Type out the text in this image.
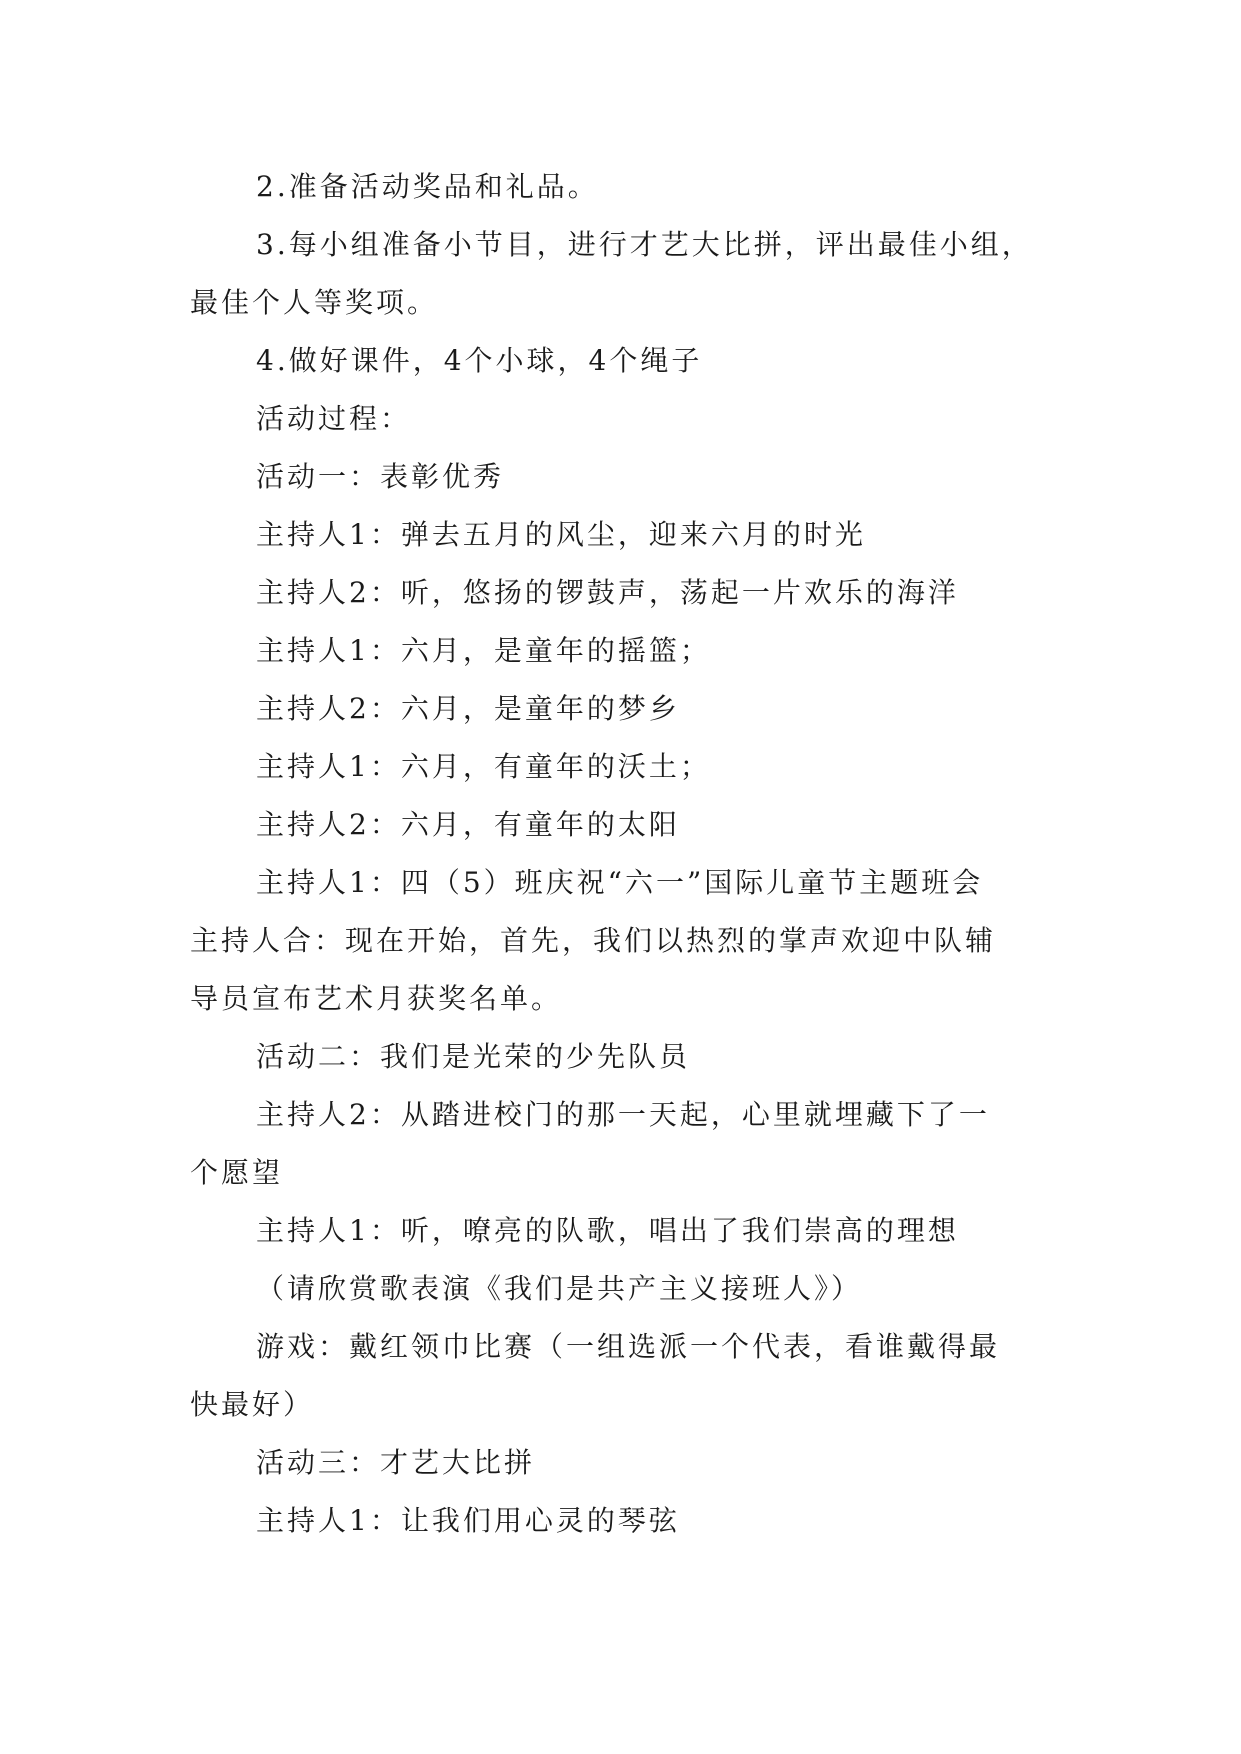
2.准备活动奖品和礼品。
3.每小组准备小节目，进行才艺大比拼，评出最佳小组，
最佳个人等奖项。
4.做好课件，4个小球，4个绳子
活动过程：
活动一：表彰优秀
主持人1：弹去五月的风尘，迎来六月的时光
主持人2：听，悠扬的锣鼓声，荡起一片欢乐的海洋
主持人1：六月，是童年的摇篮；
主持人2：六月，是童年的梦乡
主持人1：六月，有童年的沃土；
主持人2：六月，有童年的太阳
主持人1：四（5）班庆祝“六一”国际儿童节主题班会
主持人合：现在开始，首先，我们以热烈的掌声欢迎中队辅
导员宣布艺术月获奖名单。
活动二：我们是光荣的少先队员
主持人2：从踏进校门的那一天起，心里就埋藏下了一
个愿望
主持人1：听，嘹亮的队歌，唱出了我们崇高的理想
（请欣赏歌表演《我们是共产主义接班人》）
游戏：戴红领巾比赛（一组选派一个代表，看谁戴得最
快最好）
活动三：才艺大比拼
主持人1：让我们用心灵的琴弦
